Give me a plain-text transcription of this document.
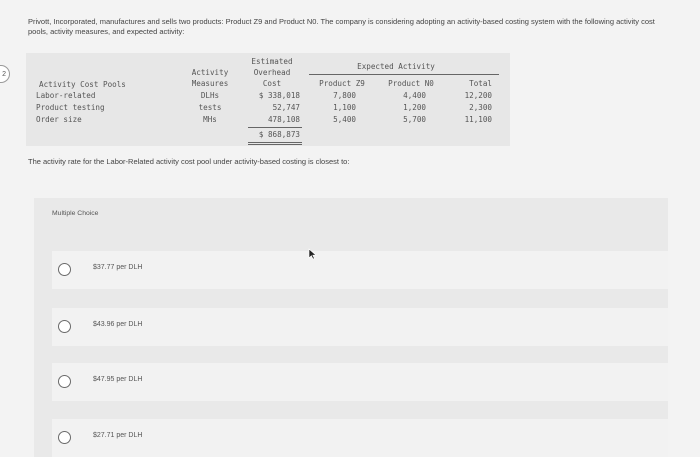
2
Privott, Incorporated, manufactures and sells two products: Product Z9 and Product N0. The company is considering adopting an activity-based costing system with the following activity cost pools, activity measures, and expected activity:
Activity Cost Pools
Activity
Measures
Estimated
Overhead
Cost
Expected Activity
Product Z9	Product N0	Total
Labor-related	DLHs	$ 338,018	7,800	4,400	12,200
Product testing	tests	52,747	1,100	1,200	2,300
Order size	MHs	478,108	5,400	5,700	11,100
$ 868,873
The activity rate for the Labor-Related activity cost pool under activity-based costing is closest to:
Multiple Choice
$37.77 per DLH
$43.96 per DLH
$47.95 per DLH
$27.71 per DLH
